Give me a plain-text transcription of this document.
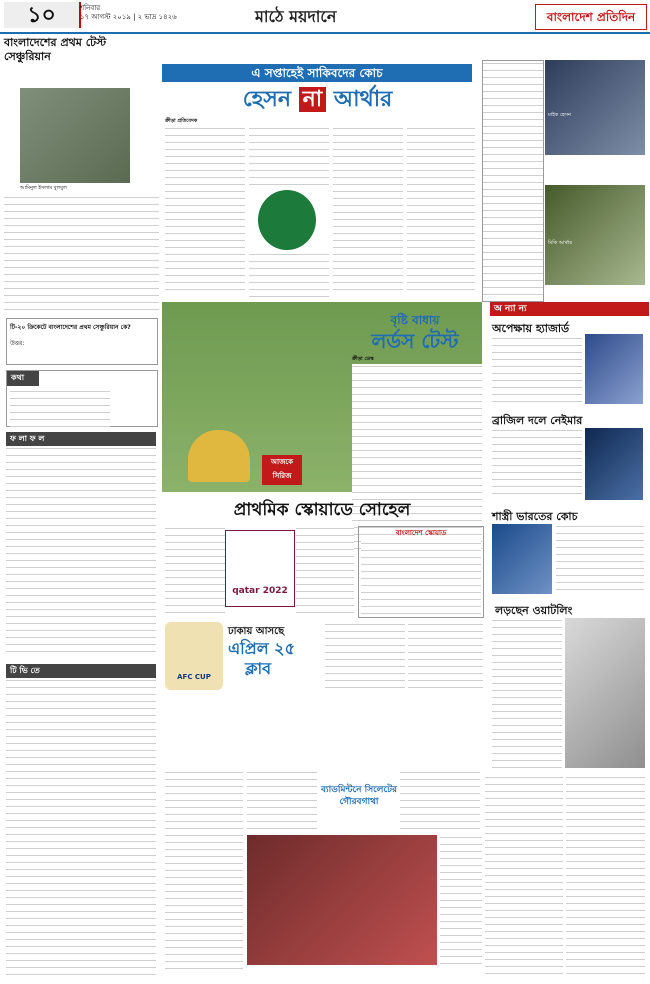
১০	শনিবার
১৭ আগস্ট ২০১৯ | ২ ভাদ্র ১৪২৬	মাঠে ময়দানে	বাংলাদেশ প্রতিদিন
বাংলাদেশের প্রথম টেস্ট সেঞ্চুরিয়ান
আমিনুল ইসলাম বুলবুল
টি-২০ ক্রিকেটে বাংলাদেশের প্রথম সেঞ্চুরিয়ান কে?
উত্তর:
কথা
ফ লা ফ ল
টি ভি তে
এ সপ্তাহেই সাকিবদের কোচ
হেসন না আর্থার
ক্রীড়া প্রতিবেদক
মাইক হেসন
মিকি আর্থার
আজকে সিরিজ
বৃষ্টি বাধায়
লর্ডস টেস্ট
ক্রীড়া ডেস্ক
অ ন্যা ন্য
অপেক্ষায় হ্যাজার্ড
ব্রাজিল দলে নেইমার
শাস্ত্রী ভারতের কোচ
লড়ছেন ওয়াটলিং
প্রাথমিক স্কোয়াডে সোহেল
qatar 2022
বাংলাদেশ স্কোয়াড
AFC CUP
ঢাকায় আসছে
এপ্রিল ২৫
ক্লাব
ব্যাডমিন্টনে সিলেটের গৌরবগাথা
